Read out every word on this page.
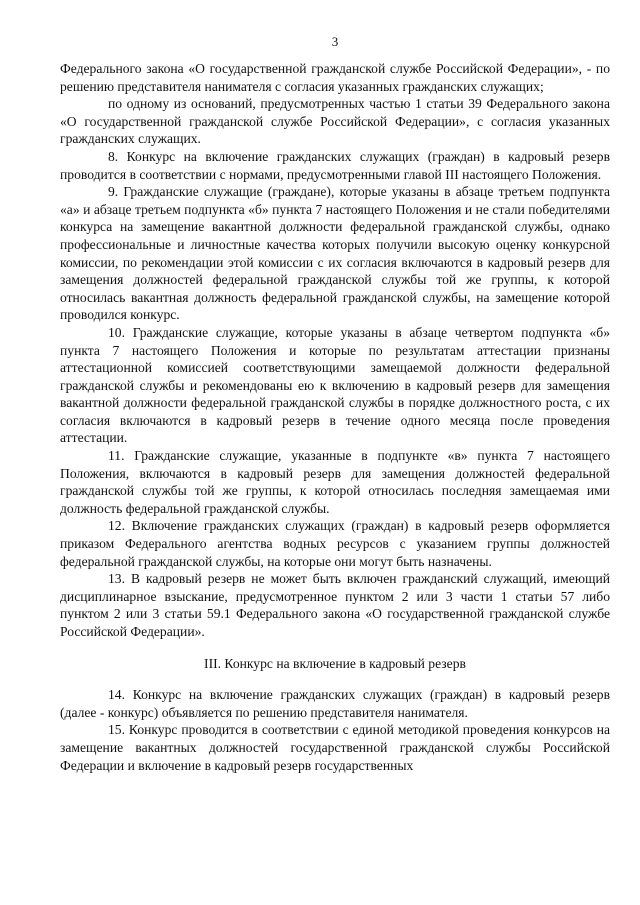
3

Федерального закона «О государственной гражданской службе Российской Федерации», - по решению представителя нанимателя с согласия указанных гражданских служащих;

по одному из оснований, предусмотренных частью 1 статьи 39 Федерального закона «О государственной гражданской службе Российской Федерации», с согласия указанных гражданских служащих.

8. Конкурс на включение гражданских служащих (граждан) в кадровый резерв проводится в соответствии с нормами, предусмотренными главой III настоящего Положения.

9. Гражданские служащие (граждане), которые указаны в абзаце третьем подпункта «а» и абзаце третьем подпункта «б» пункта 7 настоящего Положения и не стали победителями конкурса на замещение вакантной должности федеральной гражданской службы, однако профессиональные и личностные качества которых получили высокую оценку конкурсной комиссии, по рекомендации этой комиссии с их согласия включаются в кадровый резерв для замещения должностей федеральной гражданской службы той же группы, к которой относилась вакантная должность федеральной гражданской службы, на замещение которой проводился конкурс.

10. Гражданские служащие, которые указаны в абзаце четвертом подпункта «б» пункта 7 настоящего Положения и которые по результатам аттестации признаны аттестационной комиссией соответствующими замещаемой должности федеральной гражданской службы и рекомендованы ею к включению в кадровый резерв для замещения вакантной должности федеральной гражданской службы в порядке должностного роста, с их согласия включаются в кадровый резерв в течение одного месяца после проведения аттестации.

11. Гражданские служащие, указанные в подпункте «в» пункта 7 настоящего Положения, включаются в кадровый резерв для замещения должностей федеральной гражданской службы той же группы, к которой относилась последняя замещаемая ими должность федеральной гражданской службы.

12. Включение гражданских служащих (граждан) в кадровый резерв оформляется приказом Федерального агентства водных ресурсов с указанием группы должностей федеральной гражданской службы, на которые они могут быть назначены.

13. В кадровый резерв не может быть включен гражданский служащий, имеющий дисциплинарное взыскание, предусмотренное пунктом 2 или 3 части 1 статьи 57 либо пунктом 2 или 3 статьи 59.1 Федерального закона «О государственной гражданской службе Российской Федерации».

III. Конкурс на включение в кадровый резерв

14. Конкурс на включение гражданских служащих (граждан) в кадровый резерв (далее - конкурс) объявляется по решению представителя нанимателя.

15. Конкурс проводится в соответствии с единой методикой проведения конкурсов на замещение вакантных должностей государственной гражданской службы Российской Федерации и включение в кадровый резерв государственных
